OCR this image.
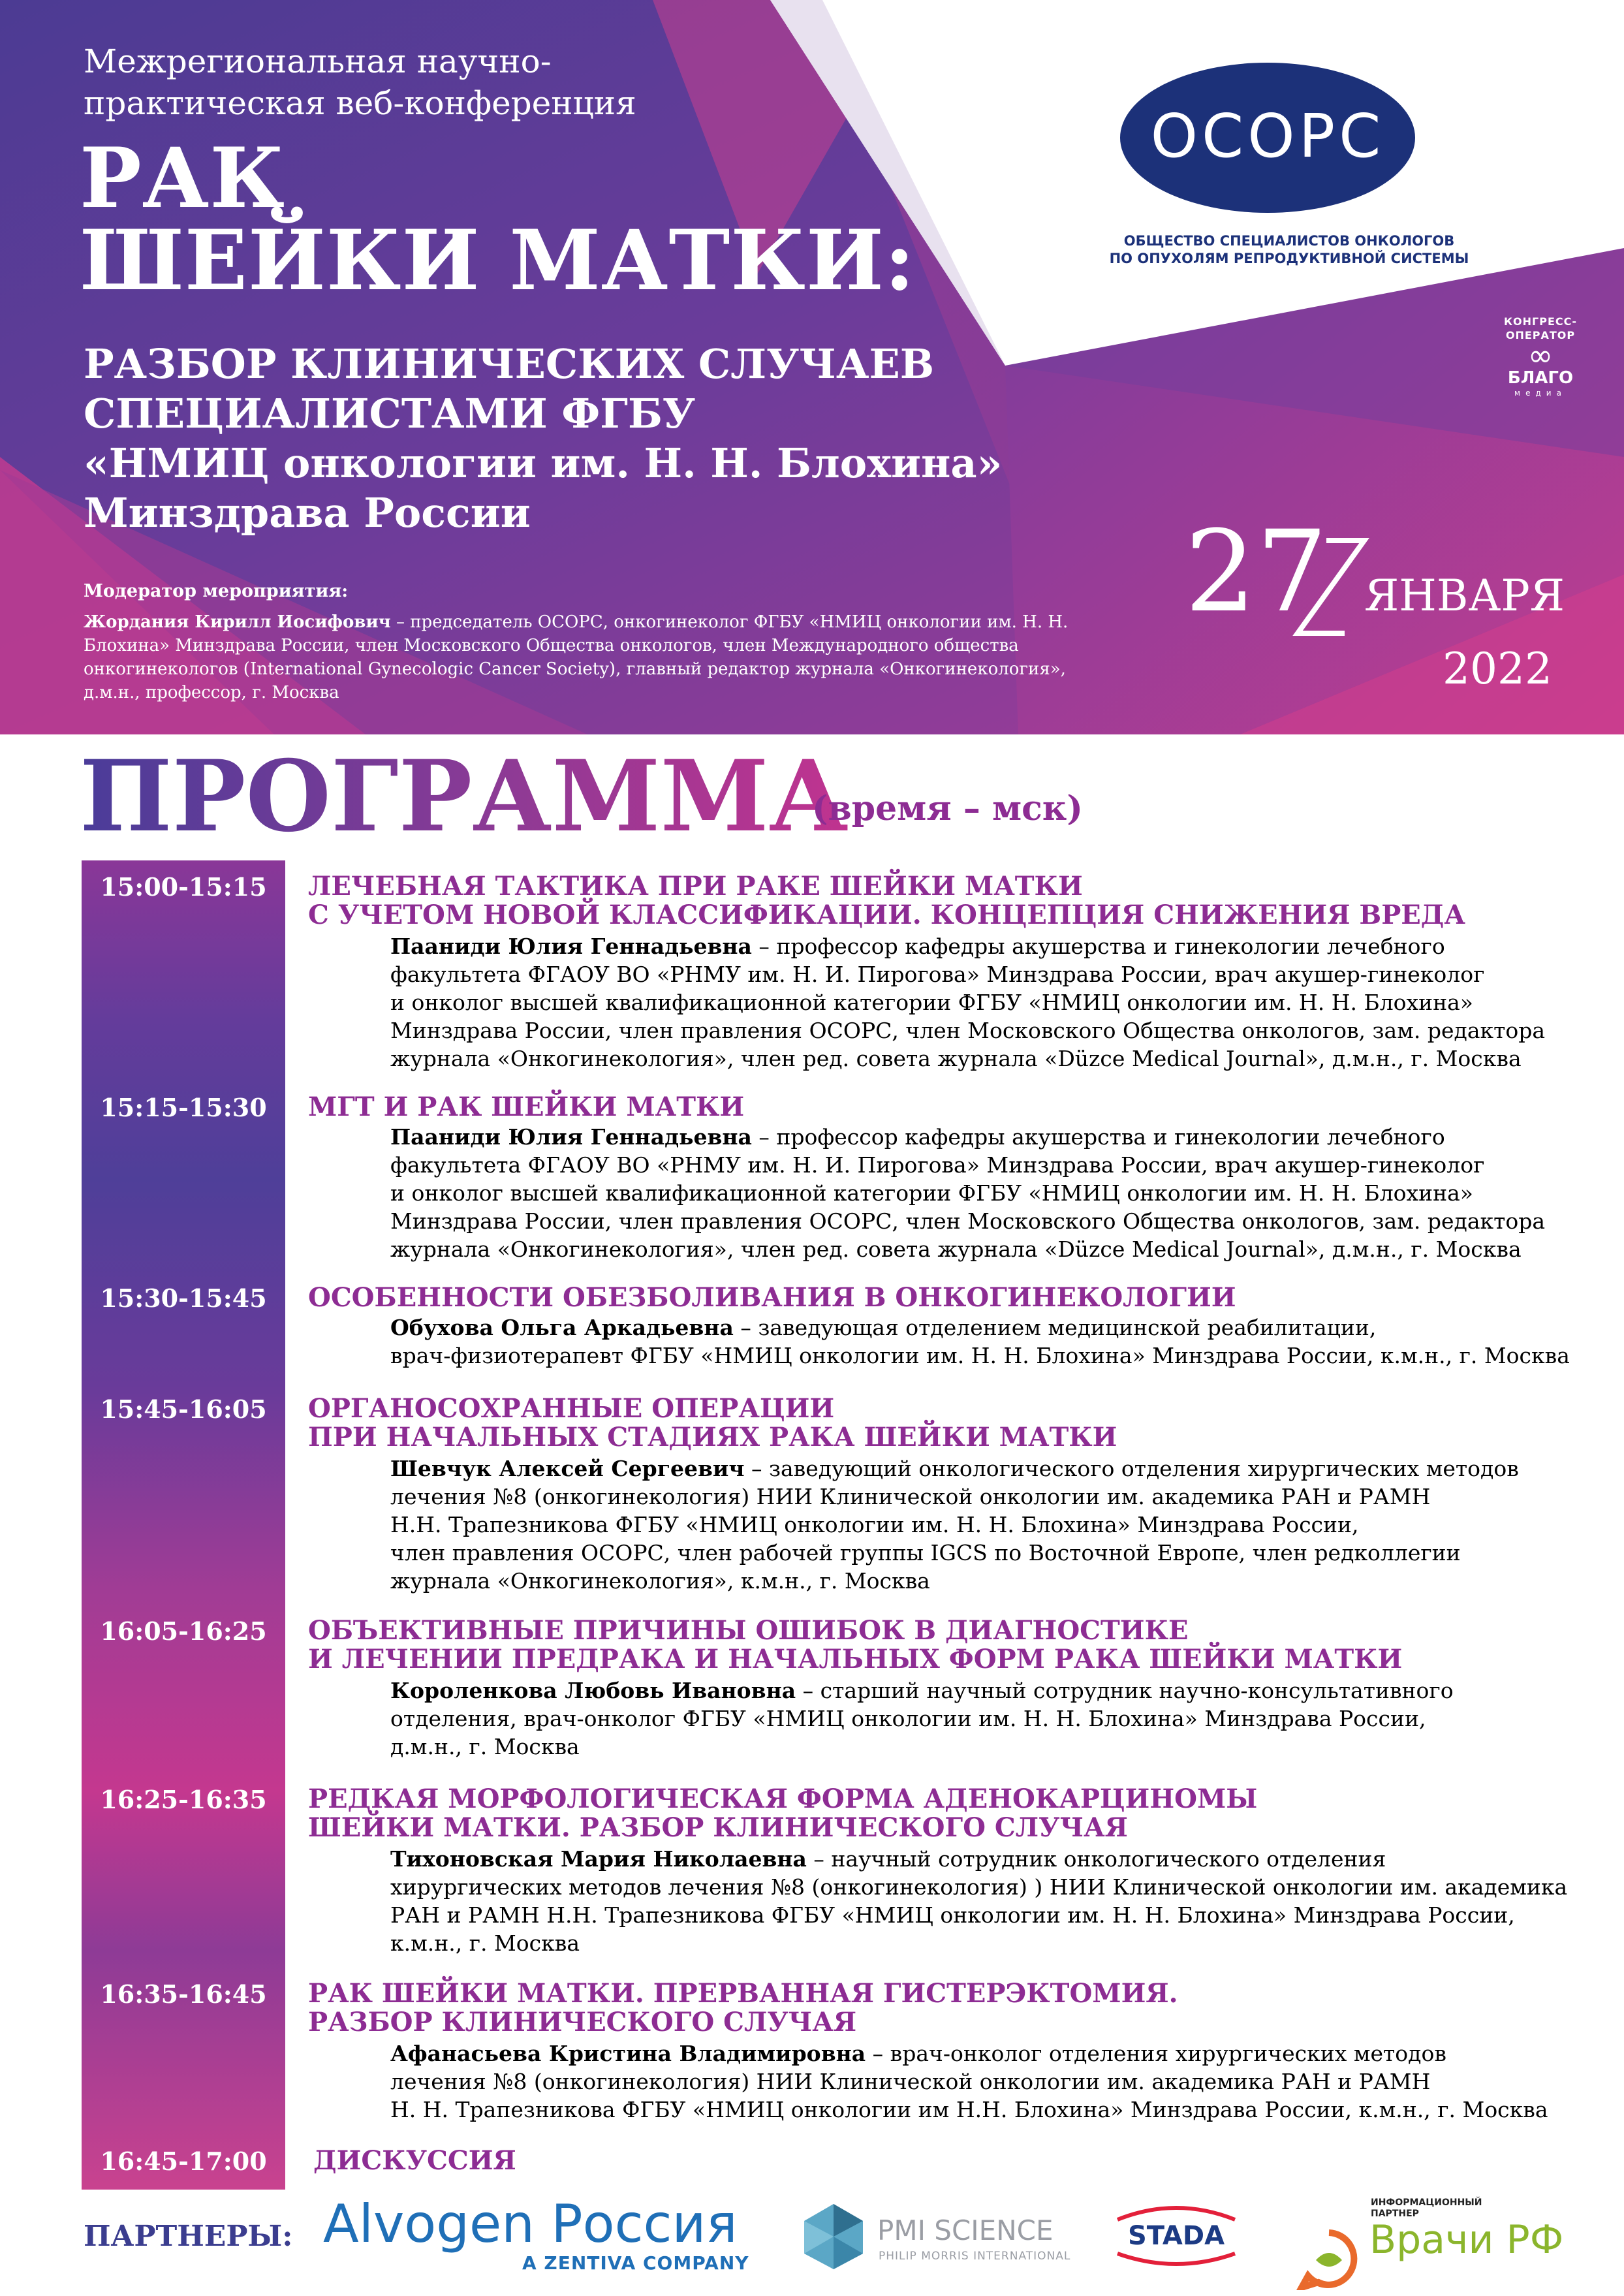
Межрегиональная научно-
практическая веб-конференция
РАК
ШЕЙКИ МАТКИ:
РАЗБОР КЛИНИЧЕСКИХ СЛУЧАЕВ
СПЕЦИАЛИСТАМИ ФГБУ
«НМИЦ онкологии им. Н. Н. Блохина»
Минздрава России
Модератор мероприятия:
Жордания Кирилл Иосифович – председатель ОСОРС, онкогинеколог ФГБУ «НМИЦ онкологии им. Н. Н. Блохина» Минздрава России, член Московского Общества онкологов, член Международного общества онкогинекологов (International Gynecologic Cancer Society), главный редактор журнала «Онкогинекология», д.м.н., профессор, г. Москва
ОСОРС
ОБЩЕСТВО СПЕЦИАЛИСТОВ ОНКОЛОГОВ
ПО ОПУХОЛЯМ РЕПРОДУКТИВНОЙ СИСТЕМЫ
КОНГРЕСС-
ОПЕРАТОР
∞
БЛАГО
медиа
27 ЯНВАРЯ
2022
ПРОГРАММА
(время – мск)
15:00-15:15	ЛЕЧЕБНАЯ ТАКТИКА ПРИ РАКЕ ШЕЙКИ МАТКИ
С УЧЕТОМ НОВОЙ КЛАССИФИКАЦИИ. КОНЦЕПЦИЯ СНИЖЕНИЯ ВРЕДА
Пааниди Юлия Геннадьевна – профессор кафедры акушерства и гинекологии лечебного
факультета ФГАОУ ВО «РНМУ им. Н. И. Пирогова» Минздрава России, врач акушер-гинеколог
и онколог высшей квалификационной категории ФГБУ «НМИЦ онкологии им. Н. Н. Блохина»
Минздрава России, член правления ОСОРС, член Московского Общества онкологов, зам. редактора
журнала «Онкогинекология», член ред. совета журнала «Düzce Medical Journal», д.м.н., г. Москва
15:15-15:30	МГТ И РАК ШЕЙКИ МАТКИ
Пааниди Юлия Геннадьевна – профессор кафедры акушерства и гинекологии лечебного
факультета ФГАОУ ВО «РНМУ им. Н. И. Пирогова» Минздрава России, врач акушер-гинеколог
и онколог высшей квалификационной категории ФГБУ «НМИЦ онкологии им. Н. Н. Блохина»
Минздрава России, член правления ОСОРС, член Московского Общества онкологов, зам. редактора
журнала «Онкогинекология», член ред. совета журнала «Düzce Medical Journal», д.м.н., г. Москва
15:30-15:45	ОСОБЕННОСТИ ОБЕЗБОЛИВАНИЯ В ОНКОГИНЕКОЛОГИИ
Обухова Ольга Аркадьевна – заведующая отделением медицинской реабилитации,
врач-физиотерапевт ФГБУ «НМИЦ онкологии им. Н. Н. Блохина» Минздрава России, к.м.н., г. Москва
15:45-16:05	ОРГАНОСОХРАННЫЕ ОПЕРАЦИИ
ПРИ НАЧАЛЬНЫХ СТАДИЯХ РАКА ШЕЙКИ МАТКИ
Шевчук Алексей Сергеевич – заведующий онкологического отделения хирургических методов
лечения №8 (онкогинекология) НИИ Клинической онкологии им. академика РАН и РАМН
Н.Н. Трапезникова ФГБУ «НМИЦ онкологии им. Н. Н. Блохина» Минздрава России,
член правления ОСОРС, член рабочей группы IGCS по Восточной Европе, член редколлегии
журнала «Онкогинекология», к.м.н., г. Москва
16:05-16:25	ОБЪЕКТИВНЫЕ ПРИЧИНЫ ОШИБОК В ДИАГНОСТИКЕ
И ЛЕЧЕНИИ ПРЕДРАКА И НАЧАЛЬНЫХ ФОРМ РАКА ШЕЙКИ МАТКИ
Короленкова Любовь Ивановна – старший научный сотрудник научно-консультативного
отделения, врач-онколог ФГБУ «НМИЦ онкологии им. Н. Н. Блохина» Минздрава России,
д.м.н., г. Москва
16:25-16:35	РЕДКАЯ МОРФОЛОГИЧЕСКАЯ ФОРМА АДЕНОКАРЦИНОМЫ
ШЕЙКИ МАТКИ. РАЗБОР КЛИНИЧЕСКОГО СЛУЧАЯ
Тихоновская Мария Николаевна – научный сотрудник онкологического отделения
хирургических методов лечения №8 (онкогинекология) ) НИИ Клинической онкологии им. академика
РАН и РАМН Н.Н. Трапезникова ФГБУ «НМИЦ онкологии им. Н. Н. Блохина» Минздрава России,
к.м.н., г. Москва
16:35-16:45	РАК ШЕЙКИ МАТКИ. ПРЕРВАННАЯ ГИСТЕРЭКТОМИЯ.
РАЗБОР КЛИНИЧЕСКОГО СЛУЧАЯ
Афанасьева Кристина Владимировна – врач-онколог отделения хирургических методов
лечения №8 (онкогинекология) НИИ Клинической онкологии им. академика РАН и РАМН
Н. Н. Трапезникова ФГБУ «НМИЦ онкологии им Н.Н. Блохина» Минздрава России, к.м.н., г. Москва
16:45-17:00	ДИСКУССИЯ
ПАРТНЕРЫ: Alvogen Россия
A ZENTIVA COMPANY
PMI SCIENCE
PHILIP MORRIS INTERNATIONAL
STADA
ИНФОРМАЦИОННЫЙ
ПАРТНЕР
Врачи РФ
